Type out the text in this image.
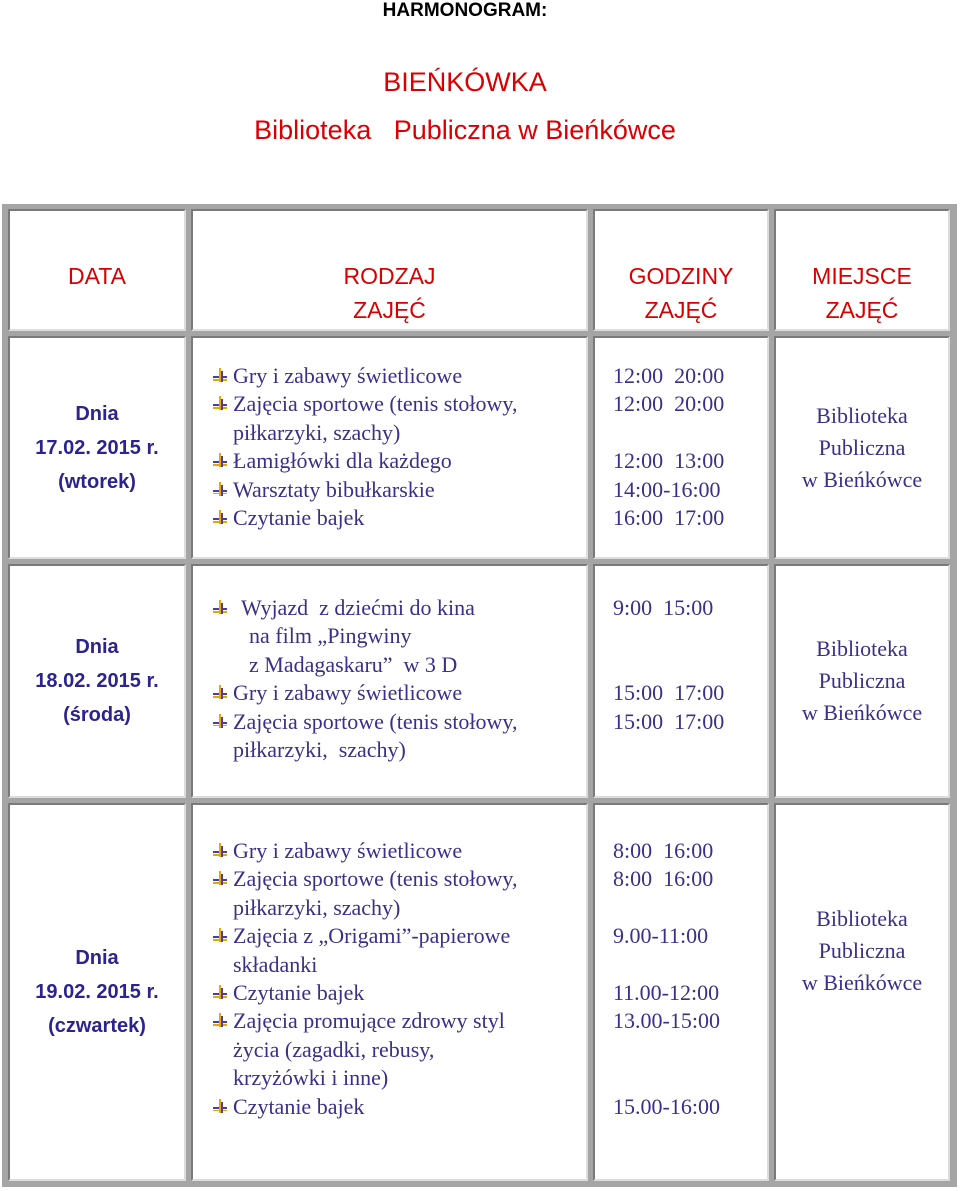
HARMONOGRAM:
BIEŃKÓWKA
Biblioteka   Publiczna w Bieńkówce
DATA	RODZAJ
ZAJĘĆ
GODZINY
ZAJĘĆ
MIEJSCE
ZAJĘĆ
Dnia
17.02. 2015 r.
(wtorek)
Gry i zabawy świetlicowe
Zajęcia sportowe (tenis stołowy,
piłkarzyki, szachy)
Łamigłówki dla każdego
Warsztaty bibułkarskie
Czytanie bajek
12:00  20:00
12:00  20:00
12:00  13:00
14:00-16:00
16:00  17:00
Biblioteka
Publiczna
w Bieńkówce
Dnia
18.02. 2015 r.
(środa)
Wyjazd  z dziećmi do kina
na film „Pingwiny
z Madagaskaru”  w 3 D
Gry i zabawy świetlicowe
Zajęcia sportowe (tenis stołowy,
piłkarzyki,  szachy)
9:00  15:00
15:00  17:00
15:00  17:00
Biblioteka
Publiczna
w Bieńkówce
Dnia
19.02. 2015 r.
(czwartek)
Gry i zabawy świetlicowe
Zajęcia sportowe (tenis stołowy,
piłkarzyki, szachy)
Zajęcia z „Origami”-papierowe
składanki
Czytanie bajek
Zajęcia promujące zdrowy styl
życia (zagadki, rebusy,
krzyżówki i inne)
Czytanie bajek
8:00  16:00
8:00  16:00
9.00-11:00
11.00-12:00
13.00-15:00
15.00-16:00
Biblioteka
Publiczna
w Bieńkówce
